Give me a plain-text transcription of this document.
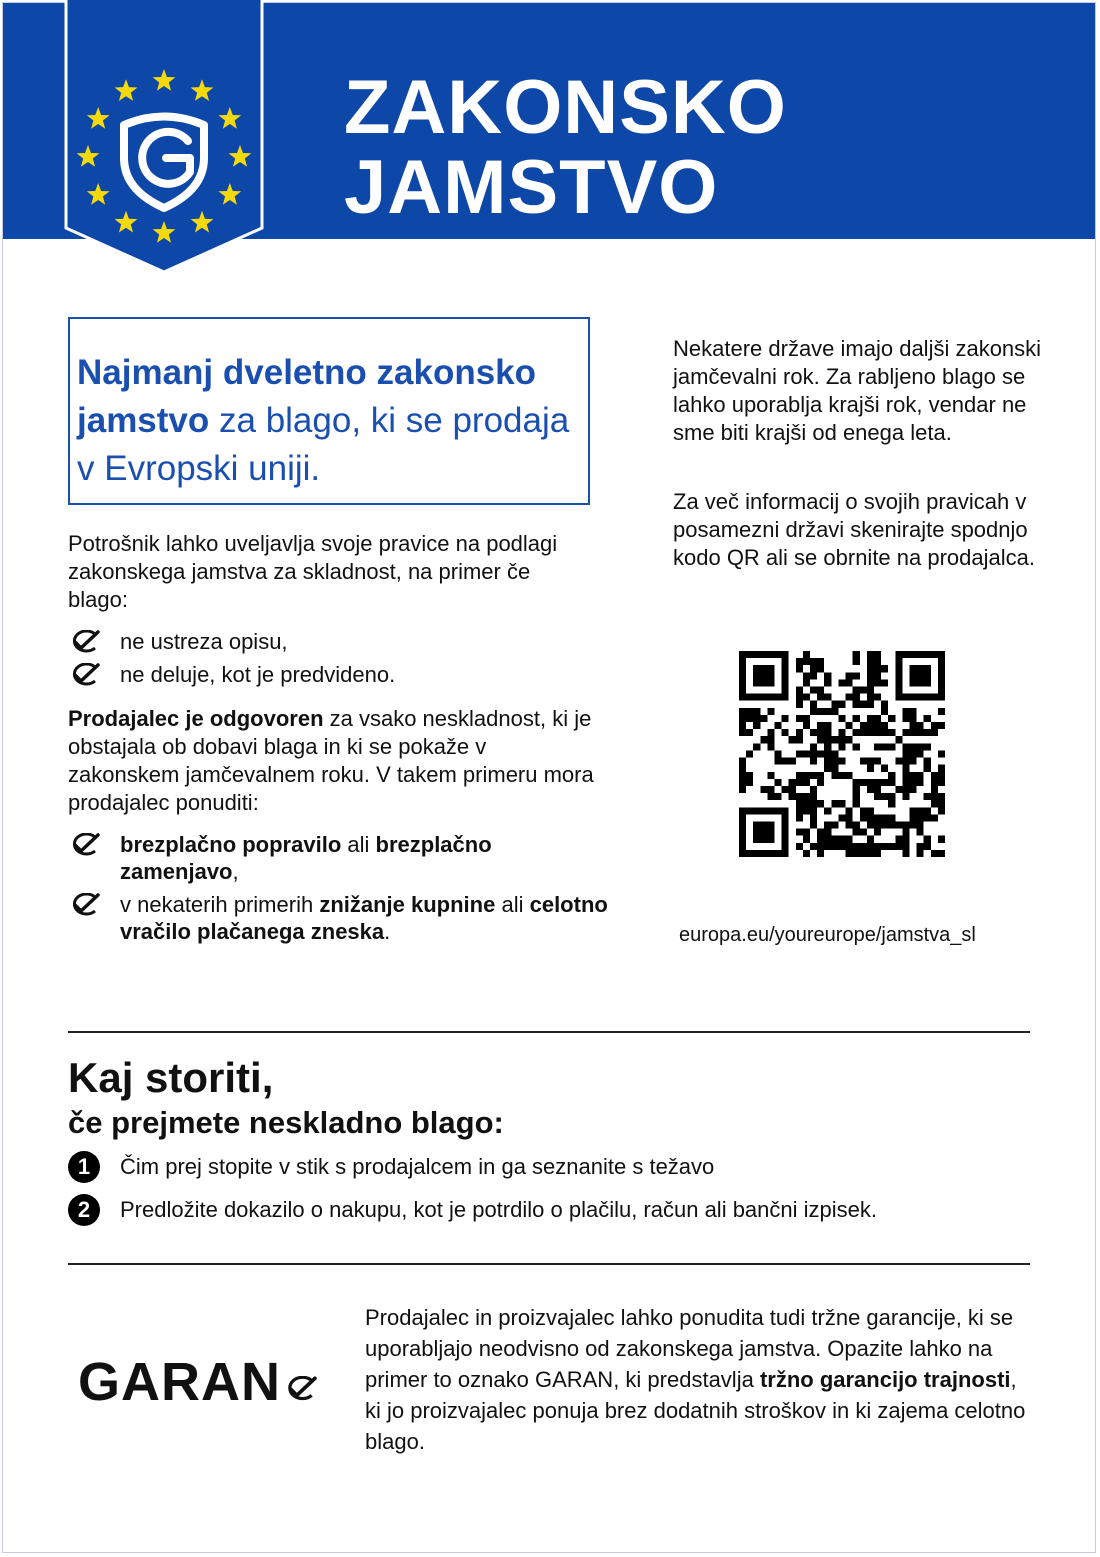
ZAKONSKO
JAMSTVO
Najmanj dveletno zakonsko jamstvo za blago, ki se prodaja v Evropski uniji.

Potrošnik lahko uveljavlja svoje pravice na podlagi zakonskega jamstva za skladnost, na primer če blago:

ne ustreza opisu,
ne deluje, kot je predvideno.

Prodajalec je odgovoren za vsako neskladnost, ki je obstajala ob dobavi blaga in ki se pokaže v zakonskem jamčevalnem roku. V takem primeru mora prodajalec ponuditi:

brezplačno popravilo ali brezplačno zamenjavo,
v nekaterih primerih znižanje kupnine ali celotno vračilo plačanega zneska.

Nekatere države imajo daljši zakonski jamčevalni rok. Za rabljeno blago se lahko uporablja krajši rok, vendar ne sme biti krajši od enega leta.

Za več informacij o svojih pravicah v posamezni državi skenirajte spodnjo kodo QR ali se obrnite na prodajalca.

europa.eu/youreurope/jamstva_sl

Kaj storiti,
če prejmete neskladno blago:
1	Čim prej stopite v stik s prodajalcem in ga seznanite s težavo
2	Predložite dokazilo o nakupu, kot je potrdilo o plačilu, račun ali bančni izpisek.
GARAN

Prodajalec in proizvajalec lahko ponudita tudi tržne garancije, ki se uporabljajo neodvisno od zakonskega jamstva. Opazite lahko na primer to oznako GARAN, ki predstavlja tržno garancijo trajnosti, ki jo proizvajalec ponuja brez dodatnih stroškov in ki zajema celotno blago.
